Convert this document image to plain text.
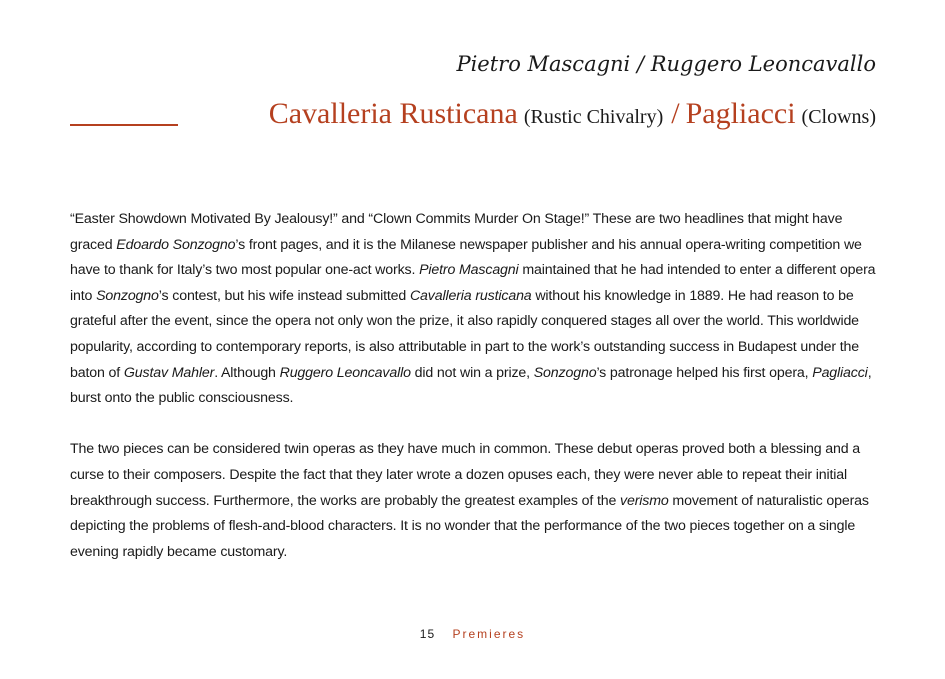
Pietro Mascagni / Ruggero Leoncavallo
Cavalleria Rusticana (Rustic Chivalry) / Pagliacci (Clowns)

“Easter Showdown Motivated By Jealousy!” and “Clown Commits Murder On Stage!” These are two headlines that might have graced Edoardo Sonzogno’s front pages, and it is the Milanese newspaper publisher and his annual opera-writing competition we have to thank for Italy’s two most popular one-act works. Pietro Mascagni maintained that he had intended to enter a different opera into Sonzogno’s contest, but his wife instead submitted Cavalleria rusticana without his knowledge in 1889. He had reason to be grateful after the event, since the opera not only won the prize, it also rapidly conquered stages all over the world. This worldwide popularity, according to contemporary reports, is also attributable in part to the work’s outstanding success in Budapest under the baton of Gustav Mahler. Although Ruggero Leoncavallo did not win a prize, Sonzogno’s patronage helped his first opera, Pagliacci, burst onto the public consciousness.

The two pieces can be considered twin operas as they have much in common. These debut operas proved both a blessing and a curse to their composers. Despite the fact that they later wrote a dozen opuses each, they were never able to repeat their initial breakthrough success. Furthermore, the works are probably the greatest examples of the verismo movement of naturalistic operas depicting the problems of flesh-and-blood characters. It is no wonder that the performance of the two pieces together on a single evening rapidly became customary.

15 Premieres
